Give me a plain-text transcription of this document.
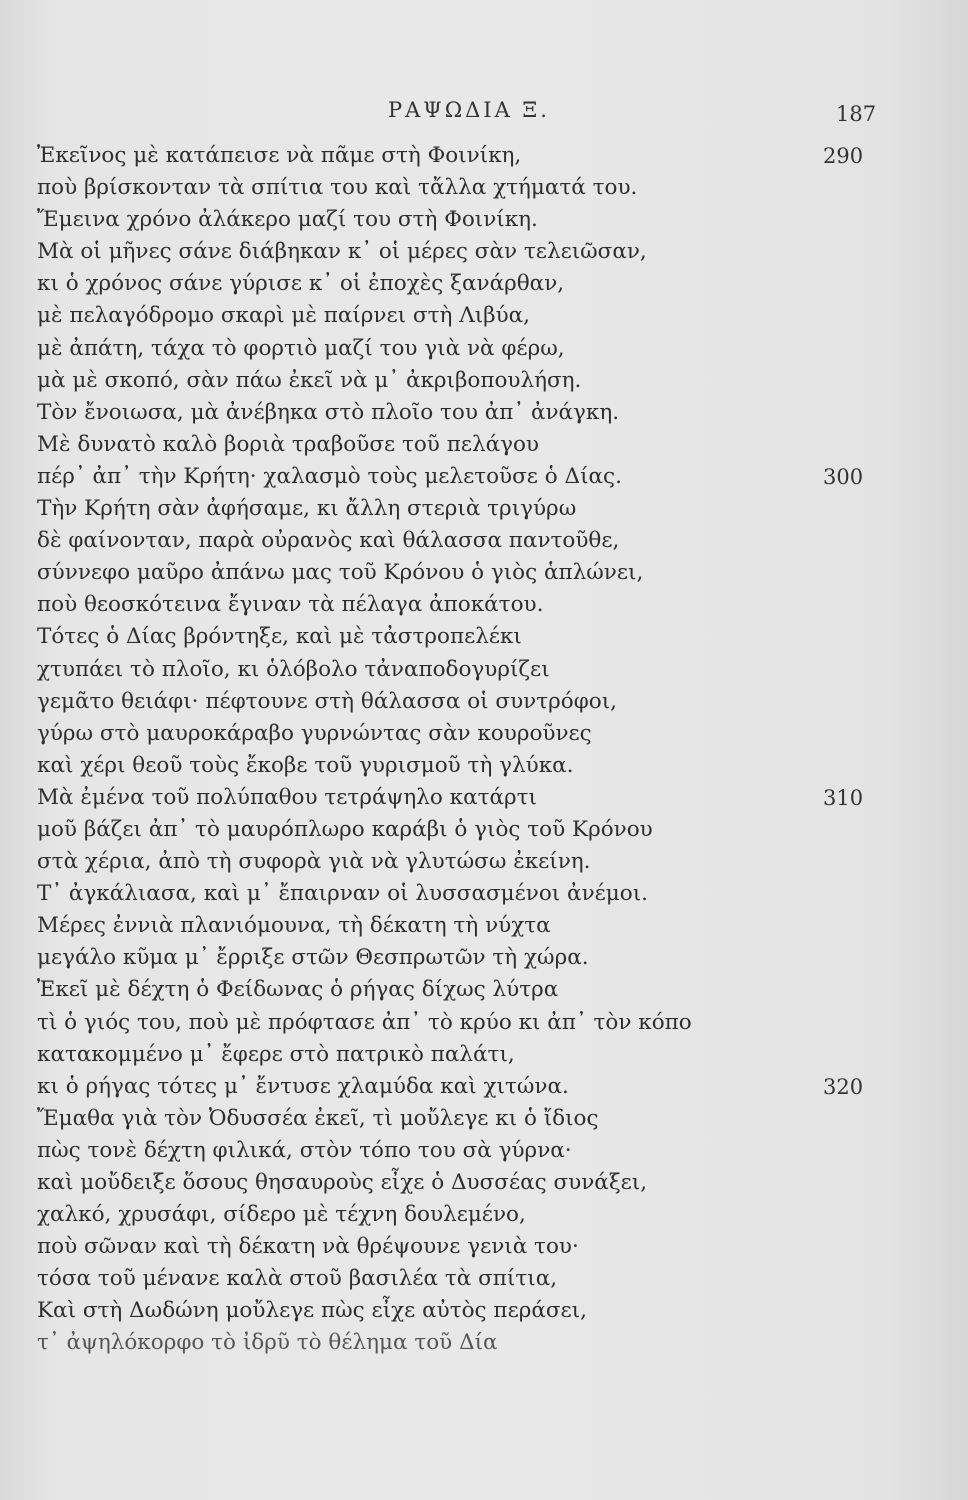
ΡΑΨΩΔΙΑ Ξ.	187
Ἐκεῖνος μὲ κατάπεισε νὰ πᾶμε στὴ Φοινίκη,	290
ποὺ βρίσκονταν τὰ σπίτια του καὶ τἄλλα χτήματά του.
Ἔμεινα χρόνο ἀλάκερο μαζί του στὴ Φοινίκη.
Μὰ οἱ μῆνες σάνε διάβηκαν κ᾿ οἱ μέρες σὰν τελειῶσαν,
κι ὁ χρόνος σάνε γύρισε κ᾿ οἱ ἐποχὲς ξανάρθαν,
μὲ πελαγόδρομο σκαρὶ μὲ παίρνει στὴ Λιβύα,
μὲ ἀπάτη, τάχα τὸ φορτιὸ μαζί του γιὰ νὰ φέρω,
μὰ μὲ σκοπό, σὰν πάω ἐκεῖ νὰ μ᾿ ἀκριβοπουλήση.
Τὸν ἔνοιωσα, μὰ ἀνέβηκα στὸ πλοῖο του ἀπ᾿ ἀνάγκη.
Μὲ δυνατὸ καλὸ βοριὰ τραβοῦσε τοῦ πελάγου
πέρ᾿ ἀπ᾿ τὴν Κρήτη· χαλασμὸ τοὺς μελετοῦσε ὁ Δίας.	300
Τὴν Κρήτη σὰν ἀφήσαμε, κι ἄλλη στεριὰ τριγύρω
δὲ φαίνονταν, παρὰ οὐρανὸς καὶ θάλασσα παντοῦθε,
σύννεφο μαῦρο ἀπάνω μας τοῦ Κρόνου ὁ γιὸς ἁπλώνει,
ποὺ θεοσκότεινα ἔγιναν τὰ πέλαγα ἀποκάτου.
Τότες ὁ Δίας βρόντηξε, καὶ μὲ τἀστροπελέκι
χτυπάει τὸ πλοῖο, κι ὁλόβολο τἀναποδογυρίζει
γεμᾶτο θειάφι· πέφτουνε στὴ θάλασσα οἱ συντρόφοι,
γύρω στὸ μαυροκάραβο γυρνώντας σὰν κουροῦνες
καὶ χέρι θεοῦ τοὺς ἔκοβε τοῦ γυρισμοῦ τὴ γλύκα.
Μὰ ἐμένα τοῦ πολύπαθου τετράψηλο κατάρτι	310
μοῦ βάζει ἀπ᾿ τὸ μαυρόπλωρο καράβι ὁ γιὸς τοῦ Κρόνου
στὰ χέρια, ἀπὸ τὴ συφορὰ γιὰ νὰ γλυτώσω ἐκείνη.
Τ᾿ ἀγκάλιασα, καὶ μ᾿ ἔπαιρναν οἱ λυσσασμένοι ἀνέμοι.
Μέρες ἐννιὰ πλανιόμουνα, τὴ δέκατη τὴ νύχτα
μεγάλο κῦμα μ᾿ ἔρριξε στῶν Θεσπρωτῶν τὴ χώρα.
Ἐκεῖ μὲ δέχτη ὁ Φείδωνας ὁ ρήγας δίχως λύτρα
τὶ ὁ γιός του, ποὺ μὲ πρόφτασε ἀπ᾿ τὸ κρύο κι ἀπ᾿ τὸν κόπο
κατακομμένο μ᾿ ἔφερε στὸ πατρικὸ παλάτι,
κι ὁ ρήγας τότες μ᾿ ἔντυσε χλαμύδα καὶ χιτώνα.	320
Ἔμαθα γιὰ τὸν Ὀδυσσέα ἐκεῖ, τὶ μοὔλεγε κι ὁ ἴδιος
πὼς τονὲ δέχτη φιλικά, στὸν τόπο του σὰ γύρνα·
καὶ μοὔδειξε ὅσους θησαυροὺς εἶχε ὁ Δυσσέας συνάξει,
χαλκό, χρυσάφι, σίδερο μὲ τέχνη δουλεμένο,
ποὺ σῶναν καὶ τὴ δέκατη νὰ θρέψουνε γενιὰ του·
τόσα τοῦ μένανε καλὰ στοῦ βασιλέα τὰ σπίτια,
Καὶ στὴ Δωδώνη μοὔλεγε πὼς εἶχε αὐτὸς περάσει,
τ᾿ ἀψηλόκορφο τὸ ἰδρῦ τὸ θέλημα τοῦ Δία
